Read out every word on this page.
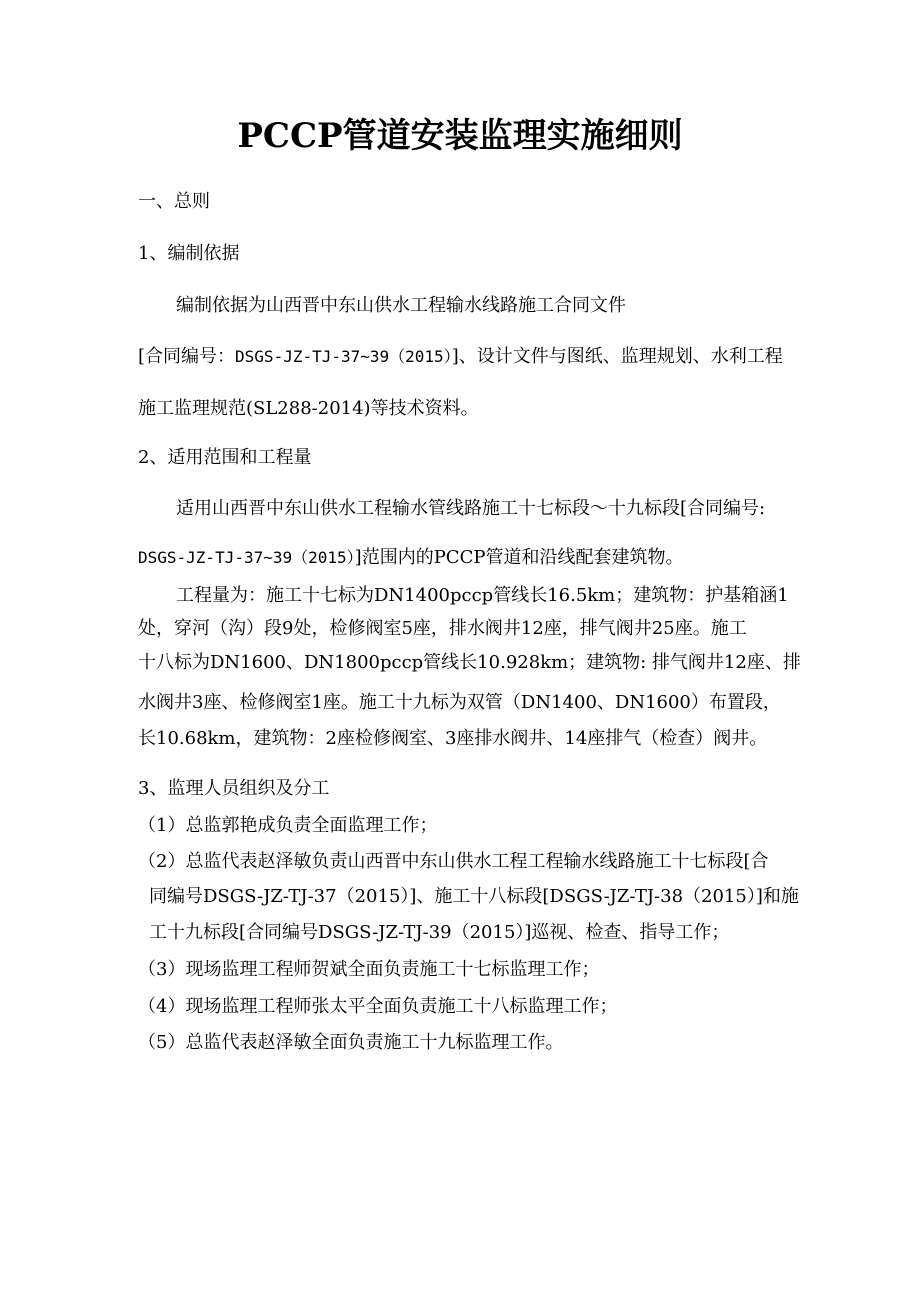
PCCP管道安装监理实施细则
一、总则
1、编制依据
编制依据为山西晋中东山供水工程输水线路施工合同文件
[合同编号：DSGS-JZ-TJ-37~39（2015）]、设计文件与图纸、监理规划、水利工程
施工监理规范(SL288-2014)等技术资料。
2、适用范围和工程量
适用山西晋中东山供水工程输水管线路施工十七标段～十九标段[合同编号:
DSGS-JZ-TJ-37~39（2015）]范围内的PCCP管道和沿线配套建筑物。
工程量为：施工十七标为DN1400pccp管线长16.5km；建筑物：护基箱涵1
处，穿河（沟）段9处，检修阀室5座，排水阀井12座，排气阀井25座。施工
十八标为DN1600、DN1800pccp管线长10.928km；建筑物: 排气阀井12座、排
水阀井3座、检修阀室1座。施工十九标为双管（DN1400、DN1600）布置段，
长10.68km，建筑物：2座检修阀室、3座排水阀井、14座排气（检查）阀井。
3、监理人员组织及分工
（1）总监郭艳成负责全面监理工作；
（2）总监代表赵泽敏负责山西晋中东山供水工程工程输水线路施工十七标段[合
同编号DSGS-JZ-TJ-37（2015）]、施工十八标段[DSGS-JZ-TJ-38（2015）]和施
工十九标段[合同编号DSGS-JZ-TJ-39（2015）]巡视、检查、指导工作；
（3）现场监理工程师贺斌全面负责施工十七标监理工作；
（4）现场监理工程师张太平全面负责施工十八标监理工作；
（5）总监代表赵泽敏全面负责施工十九标监理工作。
